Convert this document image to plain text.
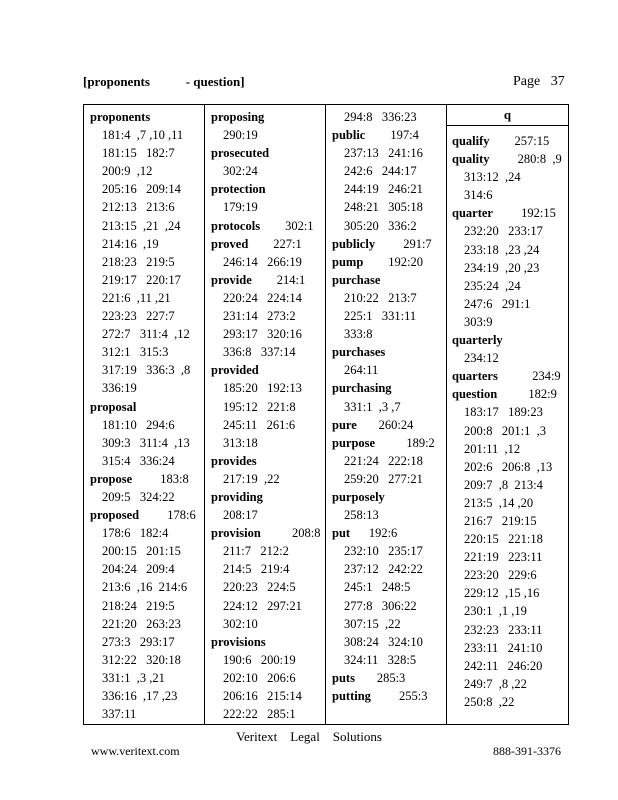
[proponents           - question]	Page   37
proponents
181:4  ,7 ,10 ,11
181:15   182:7
200:9  ,12
205:16   209:14
212:13   213:6
213:15  ,21  ,24
214:16  ,19
218:23   219:5
219:17   220:17
221:6  ,11 ,21
223:23   227:7
272:7   311:4  ,12
312:1   315:3
317:19   336:3  ,8
336:19
proposal
181:10   294:6
309:3   311:4  ,13
315:4   336:24
propose         183:8
209:5   324:22
proposed         178:6
178:6   182:4
200:15   201:15
204:24   209:4
213:6  ,16  214:6
218:24   219:5
221:20   263:23
273:3   293:17
312:22   320:18
331:1  ,3 ,21
336:16  ,17 ,23
337:11
proposing
290:19
prosecuted
302:24
protection
179:19
protocols        302:1
proved        227:1
246:14   266:19
provide        214:1
220:24   224:14
231:14   273:2
293:17   320:16
336:8   337:14
provided
185:20   192:13
195:12   221:8
245:11   261:6
313:18
provides
217:19  ,22
providing
208:17
provision          208:8
211:7   212:2
214:5   219:4
220:23   224:5
224:12   297:21
302:10
provisions
190:6   200:19
202:10   206:6
206:16   215:14
222:22   285:1
294:8   336:23
public        197:4
237:13   241:16
242:6   244:17
244:19   246:21
248:21   305:18
305:20   336:2
publicly         291:7
pump        192:20
purchase
210:22   213:7
225:1   331:11
333:8
purchases
264:11
purchasing
331:1  ,3 ,7
pure       260:24
purpose          189:2
221:24   222:18
259:20   277:21
purposely
258:13
put      192:6
232:10   235:17
237:12   242:22
245:1   248:5
277:8   306:22
307:15  ,22
308:24   324:10
324:11   328:5
puts       285:3
putting         255:3
q
qualify        257:15
quality         280:8  ,9
313:12  ,24
314:6
quarter         192:15
232:20   233:17
233:18  ,23 ,24
234:19  ,20 ,23
235:24  ,24
247:6   291:1
303:9
quarterly
234:12
quarters           234:9
question          182:9
183:17   189:23
200:8   201:1  ,3
201:11  ,12
202:6   206:8  ,13
209:7  ,8  213:4
213:5  ,14 ,20
216:7   219:15
220:15   221:18
221:19   223:11
223:20   229:6
229:12  ,15 ,16
230:1  ,1 ,19
232:23   233:11
233:11   241:10
242:11   246:20
249:7  ,8 ,22
250:8  ,22
Veritext    Legal    Solutions
www.veritext.com	888-391-3376
